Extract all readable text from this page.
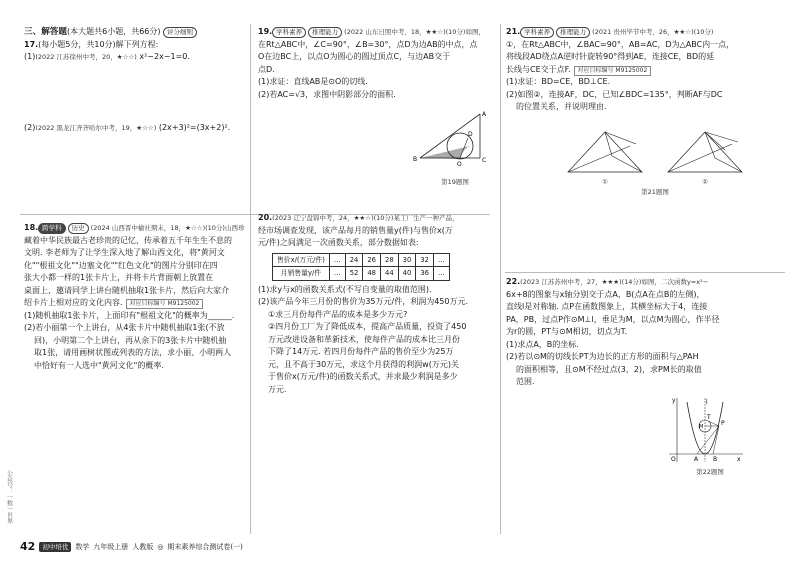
公众号：一数一世界
三、解答题(本大题共6小题，共66分) 评分细则
17.(每小题5分，共10分)解下列方程:
(1)(2022 江苏徐州中考，20，★☆☆) x²−2x−1=0.
(2)(2022 黑龙江齐齐哈尔中考，19，★☆☆) (2x+3)²=(3x+2)².
18. 跨学科 历史 (2024 山西晋中榆社期末，18，★☆☆)(10分)山西珍
藏着中华民族最古老珍贵的记忆，传承着五千年生生不息的
文明. 李老师为了让学生深入地了解山西文化，将"黄河文
化""根祖文化""边塞文化""红色文化"的图片分别印在四
张大小都一样的1张卡片上，并将卡片背面朝上放置在
桌面上，邀请同学上讲台随机抽取1张卡片，然后向大家介
绍卡片上相对应的文化内容. 对应目标编号 M9125002
(1)随机抽取1张卡片，上面印有"根祖文化"的概率为______.
(2)若小丽第一个上讲台，从4张卡片中随机抽取1张(不放
回)，小明第二个上讲台，再从余下的3张卡片中随机抽
取1张，请用画树状图或列表的方法，求小丽、小明两人
中恰好有一人选中"黄河文化"的概率.
19. 学科素养 推理能力 (2022 山东日照中考，18，★★☆)(10分)如图，
在Rt△ABC中，∠C=90°，∠B=30°，点D为边AB的中点，点
O在边BC上，以点O为圆心的圆过顶点C，与边AB交于
点D.
(1)求证：直线AB是⊙O的切线.
(2)若AC=√3，求图中阴影部分的面积.
B	C
A
D
O
第19题图
20.(2023 辽宁盘锦中考，24，★★☆)(10分)某工厂生产一种产品，
经市场调查发现，该产品每月的销售量y(件)与售价x(万
元/件)之间满足一次函数关系，部分数据如表:
售价x/(万元/件)	…	24	26	28	30	32	…
月销售量y/件	…	52	48	44	40	36	…
(1)求y与x的函数关系式(不写自变量的取值范围).
(2)该产品今年三月份的售价为35万元/件，利润为450万元.
①求三月份每件产品的成本是多少万元?
②四月份工厂为了降低成本，提高产品质量，投资了450
万元改进设备和革新技术，使每件产品的成本比三月份
下降了14万元. 若四月份每件产品的售价至少为25万
元，且不高于30万元，求这个月获得的利润w(万元)关
于售价x(万元/件)的函数关系式，并求最少利润是多少
万元.
21. 学科素养 推理能力 (2021 贵州毕节中考，26，★★☆)(10分)
①，在Rt△ABC中，∠BAC=90°，AB=AC，D为△ABC内一点，
将线段AD绕点A逆时针旋转90°得到AE，连接CE，BD的延
长线与CE交于点F. 对应目标编号 M9125002
(1)求证：BD=CE，BD⊥CE.
(2)如图②，连接AF，DC，已知∠BDC=135°，判断AF与DC
的位置关系，并说明理由.
①	②
第21题图
22.(2023 江苏苏州中考，27，★★★)(14分)如图，二次函数y=x²−
6x+8的图象与x轴分别交于点A，B(点A在点B的左侧)，
直线l是对称轴. 点P在函数图象上，其横坐标大于4，连接
PA，PB，过点P作⊙M⊥l，垂足为M，以点M为圆心，作半径
为r的圆，PT与⊙M相切，切点为T.
(1)求点A，B的坐标.
(2)若以⊙M的切线长PT为边长的正方形的面积与△PAH
的面积相等，且⊙M不经过点(3，2)，求PM长的取值
范围.
y
x
O	A B
P
T
M
l
第22题图
42	初中培优	数学 九年级上册 人教版 ◎ 期末素养综合测试卷(一)
